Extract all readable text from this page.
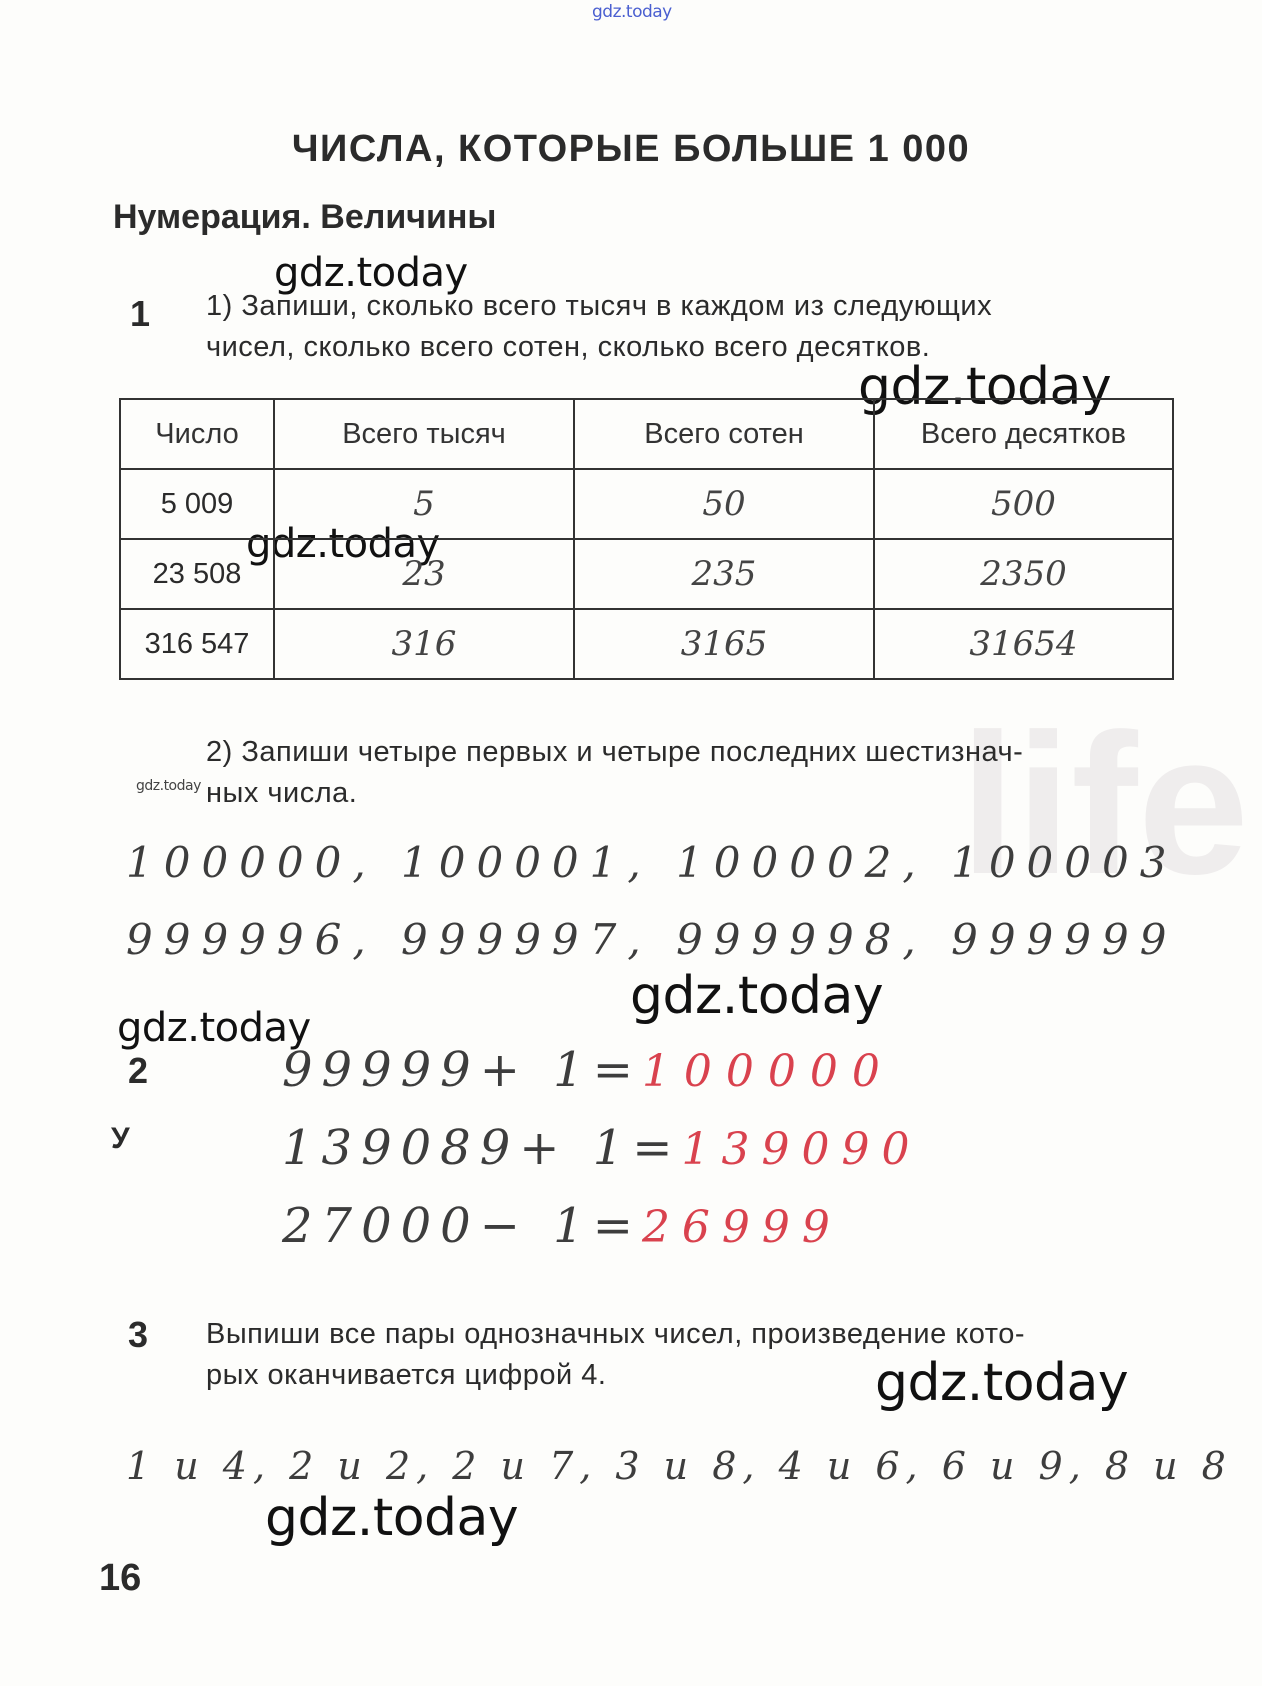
life
gdz.today
ЧИСЛА, КОТОРЫЕ БОЛЬШЕ 1 000
Нумерация. Величины
gdz.today
gdz.today
gdz.today
gdz.today
gdz.today
gdz.today
gdz.today
gdz.today
1 1) Запиши, сколько всего тысяч в каждом из следующих
чисел, сколько всего сотен, сколько всего десятков.
Число	Всего тысяч	Всего сотен	Всего десятков
5 009	5	50	500
23 508	23	235	2350
316 547	316	3165	31654
2) Запиши четыре первых и четыре последних шестизнач-
ных числа.
100000, 100001, 100002, 100003
999996, 999997, 999998, 999999
2
У
99999+ 1=100000
139089+ 1=139090
27000− 1=26999
3 Выпиши все пары однозначных чисел, произведение кото-
рых оканчивается цифрой 4.
1 и 4, 2 и 2, 2 и 7, 3 и 8, 4 и 6, 6 и 9, 8 и 8
16
